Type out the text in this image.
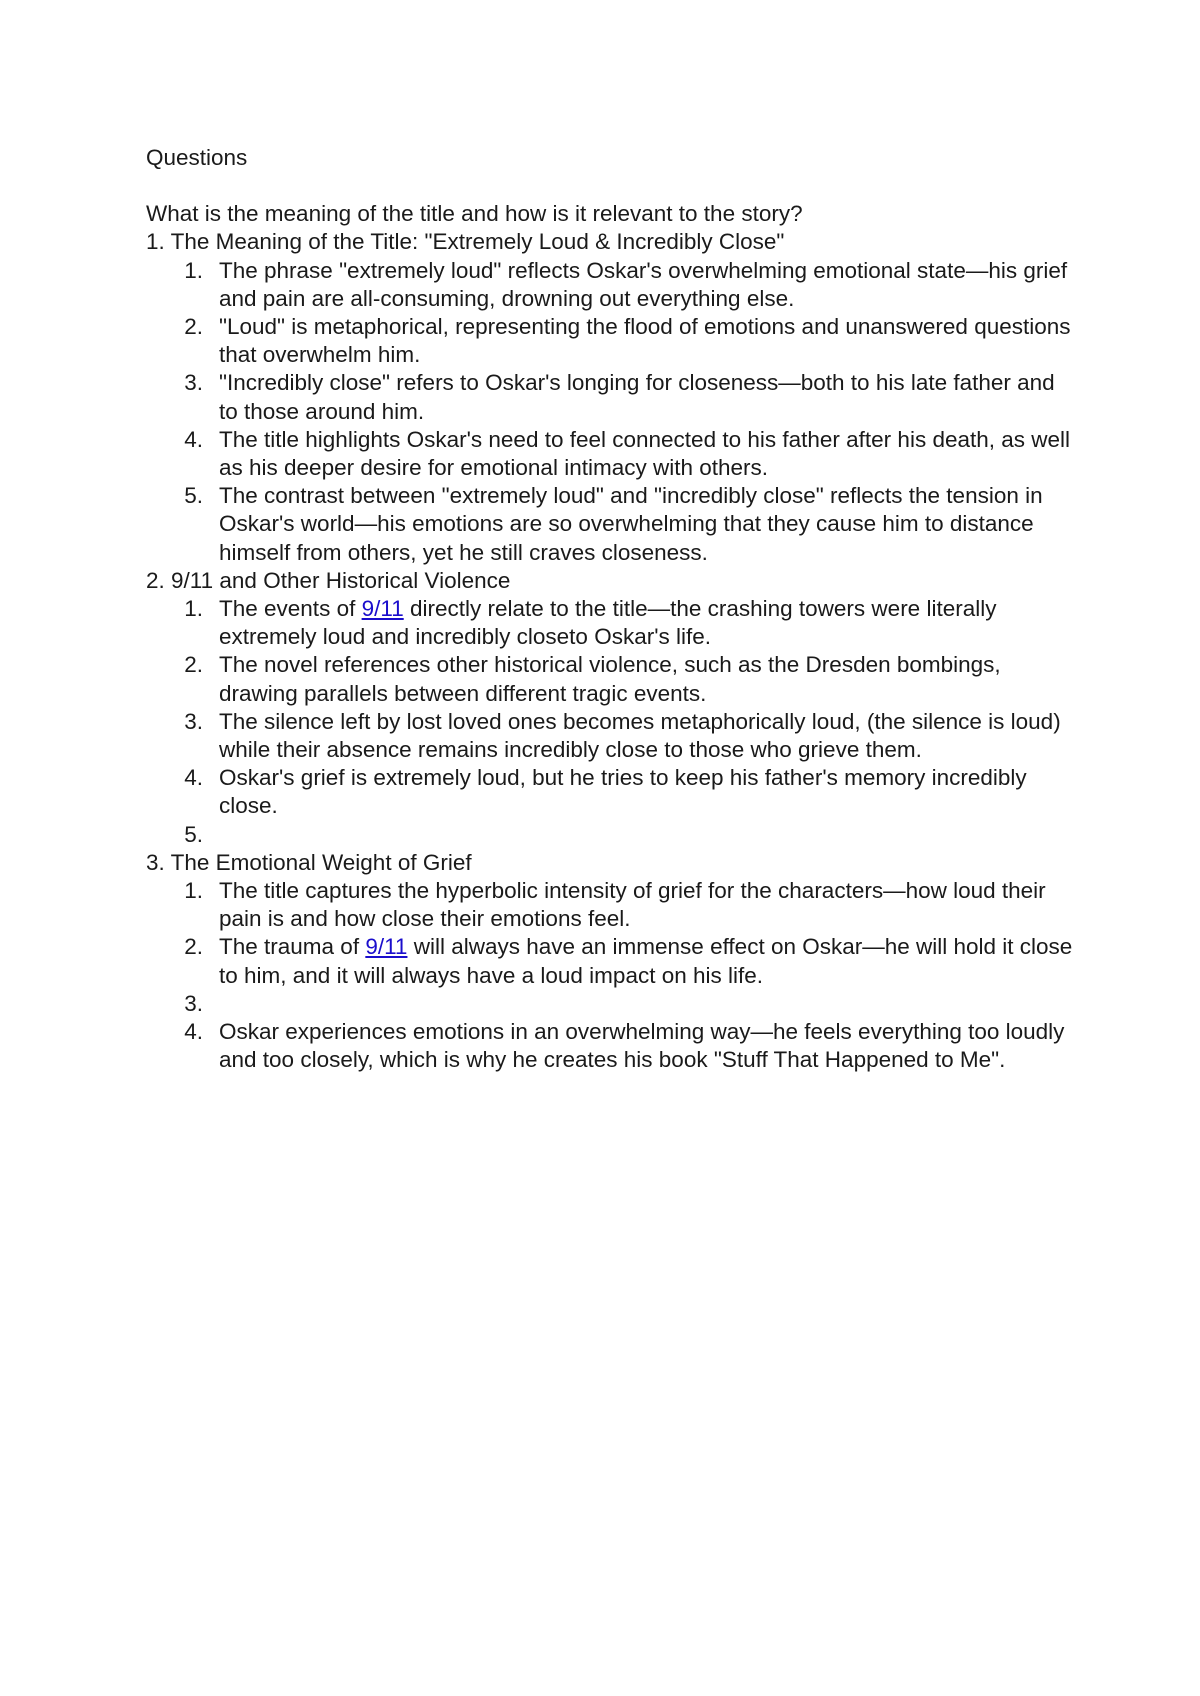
Questions
What is the meaning of the title and how is it relevant to the story?
1. The Meaning of the Title: "Extremely Loud & Incredibly Close"
1. The phrase "extremely loud" reflects Oskar's overwhelming emotional state—his grief and pain are all-consuming, drowning out everything else.
2. "Loud" is metaphorical, representing the flood of emotions and unanswered questions that overwhelm him.
3. "Incredibly close" refers to Oskar's longing for closeness—both to his late father and to those around him.
4. The title highlights Oskar's need to feel connected to his father after his death, as well as his deeper desire for emotional intimacy with others.
5. The contrast between "extremely loud" and "incredibly close" reflects the tension in Oskar's world—his emotions are so overwhelming that they cause him to distance himself from others, yet he still craves closeness.
2. 9/11 and Other Historical Violence
1. The events of 9/11 directly relate to the title—the crashing towers were literally extremely loud and incredibly closeto Oskar's life.
2. The novel references other historical violence, such as the Dresden bombings, drawing parallels between different tragic events.
3. The silence left by lost loved ones becomes metaphorically loud, (the silence is loud) while their absence remains incredibly close to those who grieve them.
4. Oskar's grief is extremely loud, but he tries to keep his father's memory incredibly close.
5.
3. The Emotional Weight of Grief
1. The title captures the hyperbolic intensity of grief for the characters—how loud their pain is and how close their emotions feel.
2. The trauma of 9/11 will always have an immense effect on Oskar—he will hold it close to him, and it will always have a loud impact on his life.
3.
4. Oskar experiences emotions in an overwhelming way—he feels everything too loudly and too closely, which is why he creates his book "Stuff That Happened to Me".
